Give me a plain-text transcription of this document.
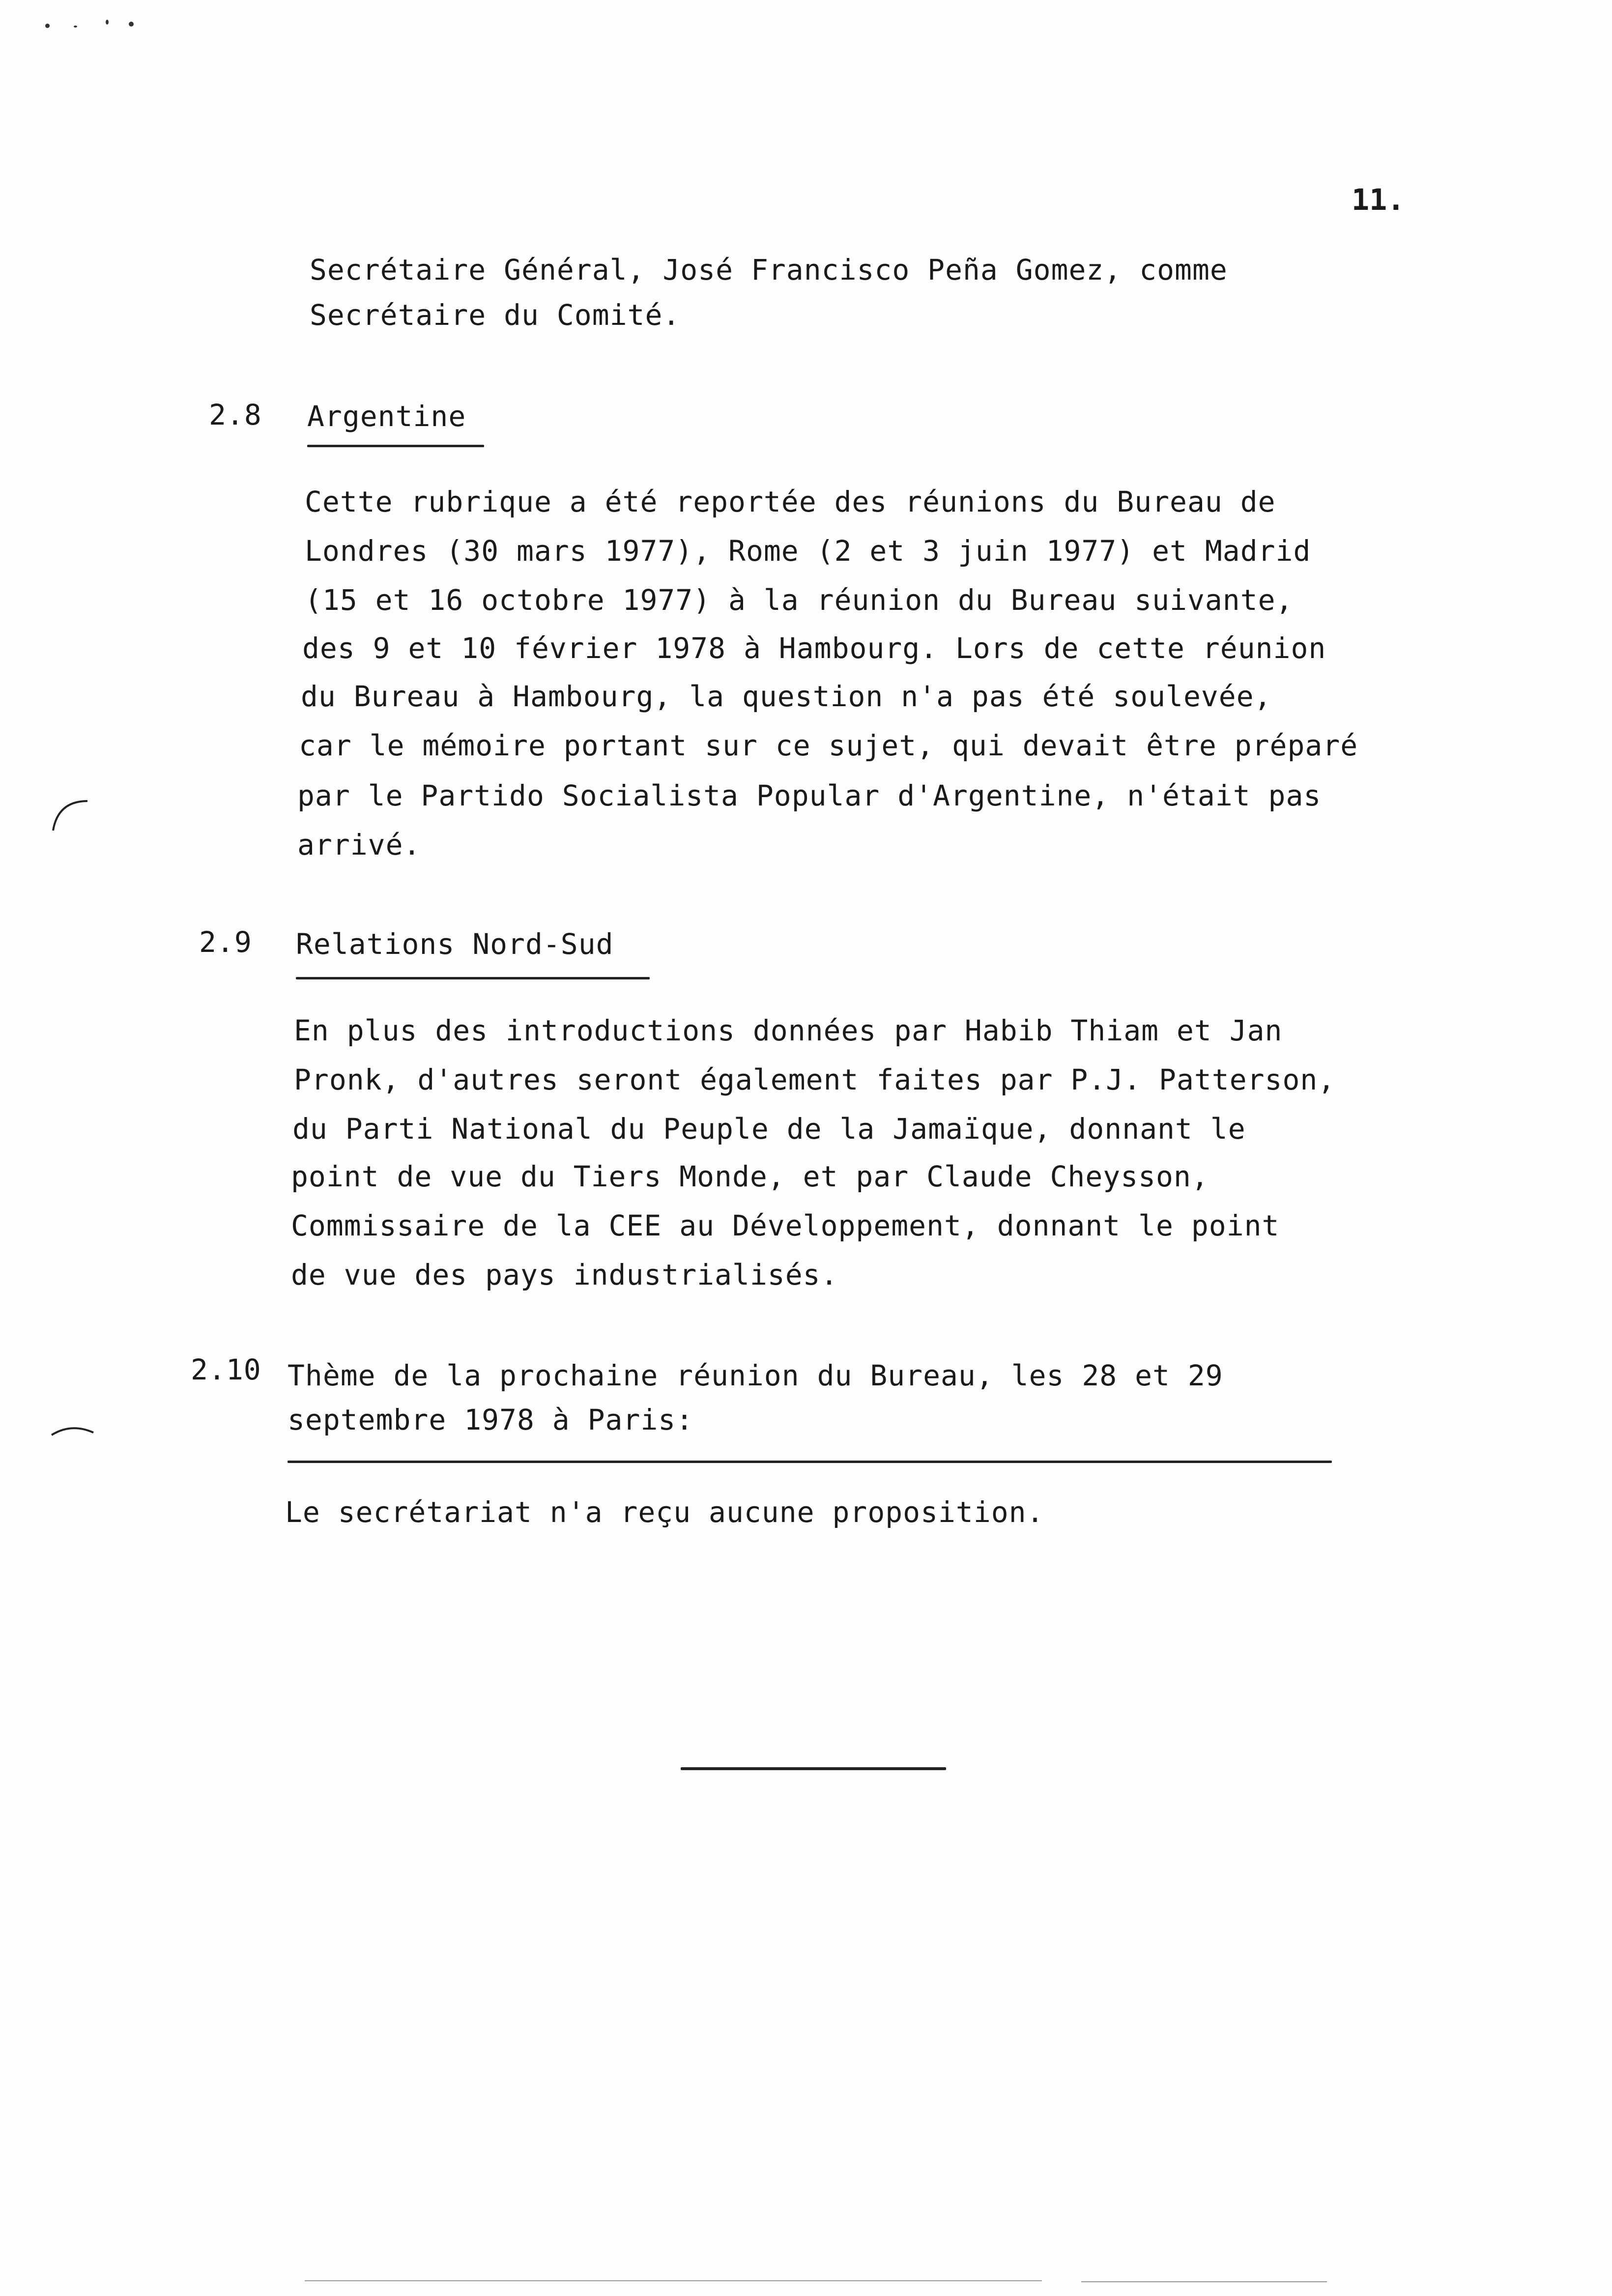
11.
Secrétaire Général, José Francisco Peña Gomez, comme
Secrétaire du Comité.
2.8 Argentine
Cette rubrique a été reportée des réunions du Bureau de
Londres (30 mars 1977), Rome (2 et 3 juin 1977) et Madrid
(15 et 16 octobre 1977) à la réunion du Bureau suivante,
des 9 et 10 février 1978 à Hambourg. Lors de cette réunion
du Bureau à Hambourg, la question n'a pas été soulevée,
car le mémoire portant sur ce sujet, qui devait être préparé
par le Partido Socialista Popular d'Argentine, n'était pas
arrivé.
2.9 Relations Nord-Sud
En plus des introductions données par Habib Thiam et Jan
Pronk, d'autres seront également faites par P.J. Patterson,
du Parti National du Peuple de la Jamaïque, donnant le
point de vue du Tiers Monde, et par Claude Cheysson,
Commissaire de la CEE au Développement, donnant le point
de vue des pays industrialisés.
2.10 Thème de la prochaine réunion du Bureau, les 28 et 29
septembre 1978 à Paris:
Le secrétariat n'a reçu aucune proposition.
